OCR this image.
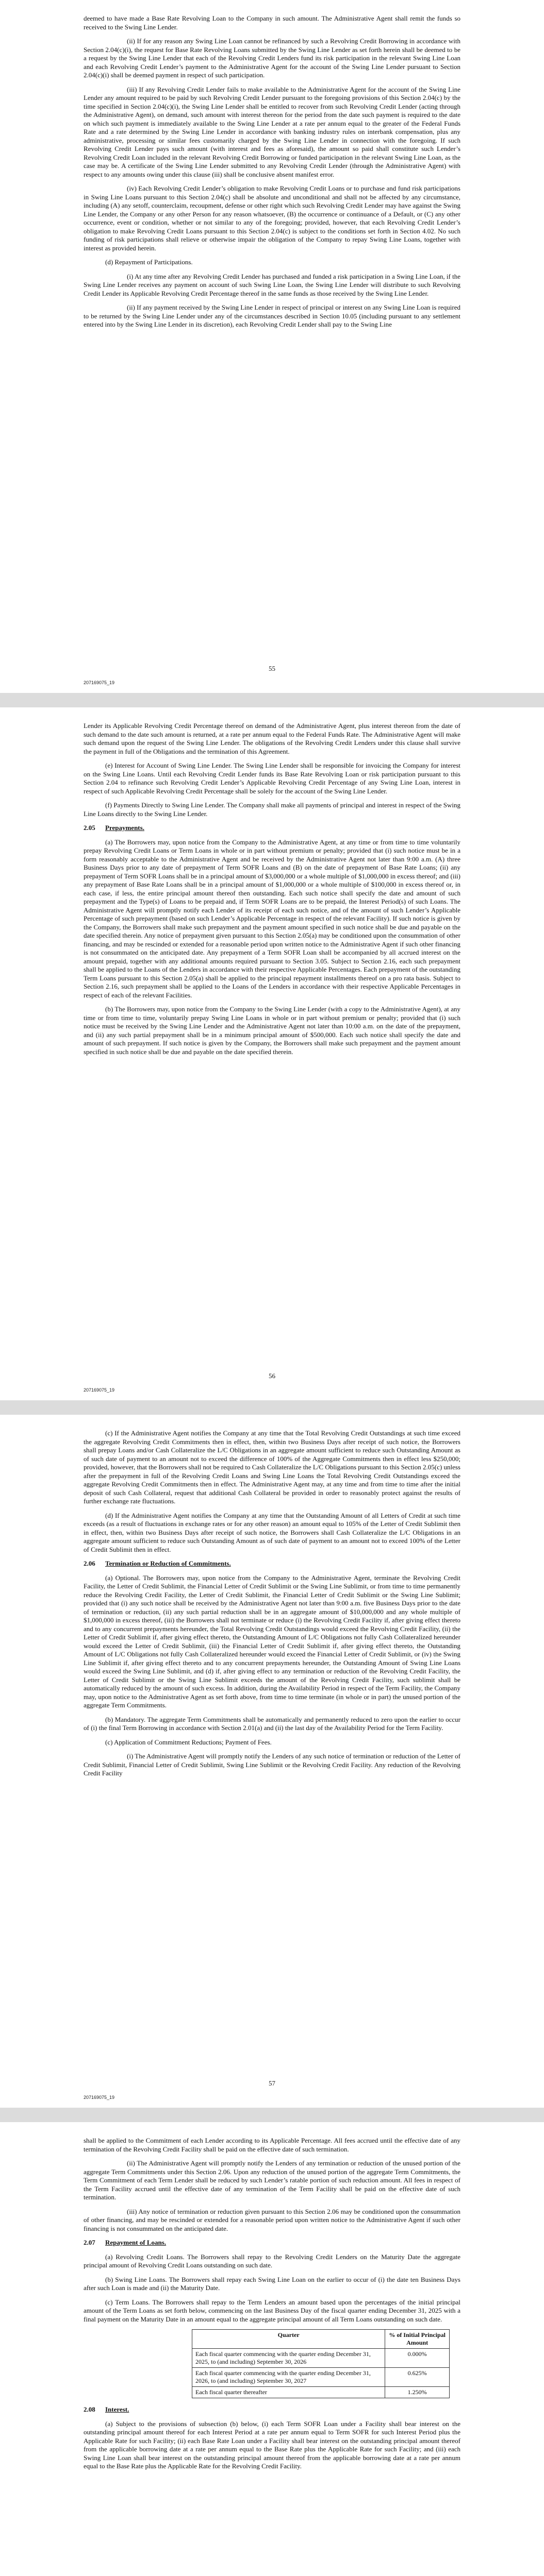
deemed to have made a Base Rate Revolving Loan to the Company in such amount. The Administrative Agent shall remit the funds so received to the Swing Line Lender.

(ii) If for any reason any Swing Line Loan cannot be refinanced by such a Revolving Credit Borrowing in accordance with Section 2.04(c)(i), the request for Base Rate Revolving Loans submitted by the Swing Line Lender as set forth herein shall be deemed to be a request by the Swing Line Lender that each of the Revolving Credit Lenders fund its risk participation in the relevant Swing Line Loan and each Revolving Credit Lender’s payment to the Administrative Agent for the account of the Swing Line Lender pursuant to Section 2.04(c)(i) shall be deemed payment in respect of such participation.

(iii) If any Revolving Credit Lender fails to make available to the Administrative Agent for the account of the Swing Line Lender any amount required to be paid by such Revolving Credit Lender pursuant to the foregoing provisions of this Section 2.04(c) by the time specified in Section 2.04(c)(i), the Swing Line Lender shall be entitled to recover from such Revolving Credit Lender (acting through the Administrative Agent), on demand, such amount with interest thereon for the period from the date such payment is required to the date on which such payment is immediately available to the Swing Line Lender at a rate per annum equal to the greater of the Federal Funds Rate and a rate determined by the Swing Line Lender in accordance with banking industry rules on interbank compensation, plus any administrative, processing or similar fees customarily charged by the Swing Line Lender in connection with the foregoing. If such Revolving Credit Lender pays such amount (with interest and fees as aforesaid), the amount so paid shall constitute such Lender’s Revolving Credit Loan included in the relevant Revolving Credit Borrowing or funded participation in the relevant Swing Line Loan, as the case may be. A certificate of the Swing Line Lender submitted to any Revolving Credit Lender (through the Administrative Agent) with respect to any amounts owing under this clause (iii) shall be conclusive absent manifest error.

(iv) Each Revolving Credit Lender’s obligation to make Revolving Credit Loans or to purchase and fund risk participations in Swing Line Loans pursuant to this Section 2.04(c) shall be absolute and unconditional and shall not be affected by any circumstance, including (A) any setoff, counterclaim, recoupment, defense or other right which such Revolving Credit Lender may have against the Swing Line Lender, the Company or any other Person for any reason whatsoever, (B) the occurrence or continuance of a Default, or (C) any other occurrence, event or condition, whether or not similar to any of the foregoing; provided, however, that each Revolving Credit Lender’s obligation to make Revolving Credit Loans pursuant to this Section 2.04(c) is subject to the conditions set forth in Section 4.02. No such funding of risk participations shall relieve or otherwise impair the obligation of the Company to repay Swing Line Loans, together with interest as provided herein.

(d) Repayment of Participations.

(i) At any time after any Revolving Credit Lender has purchased and funded a risk participation in a Swing Line Loan, if the Swing Line Lender receives any payment on account of such Swing Line Loan, the Swing Line Lender will distribute to such Revolving Credit Lender its Applicable Revolving Credit Percentage thereof in the same funds as those received by the Swing Line Lender.

(ii) If any payment received by the Swing Line Lender in respect of principal or interest on any Swing Line Loan is required to be returned by the Swing Line Lender under any of the circumstances described in Section 10.05 (including pursuant to any settlement entered into by the Swing Line Lender in its discretion), each Revolving Credit Lender shall pay to the Swing Line

55
207169075_19

Lender its Applicable Revolving Credit Percentage thereof on demand of the Administrative Agent, plus interest thereon from the date of such demand to the date such amount is returned, at a rate per annum equal to the Federal Funds Rate. The Administrative Agent will make such demand upon the request of the Swing Line Lender. The obligations of the Revolving Credit Lenders under this clause shall survive the payment in full of the Obligations and the termination of this Agreement.

(e) Interest for Account of Swing Line Lender. The Swing Line Lender shall be responsible for invoicing the Company for interest on the Swing Line Loans. Until each Revolving Credit Lender funds its Base Rate Revolving Loan or risk participation pursuant to this Section 2.04 to refinance such Revolving Credit Lender’s Applicable Revolving Credit Percentage of any Swing Line Loan, interest in respect of such Applicable Revolving Credit Percentage shall be solely for the account of the Swing Line Lender.

(f) Payments Directly to Swing Line Lender. The Company shall make all payments of principal and interest in respect of the Swing Line Loans directly to the Swing Line Lender.

2.05 Prepayments.

(a) The Borrowers may, upon notice from the Company to the Administrative Agent, at any time or from time to time voluntarily prepay Revolving Credit Loans or Term Loans in whole or in part without premium or penalty; provided that (i) such notice must be in a form reasonably acceptable to the Administrative Agent and be received by the Administrative Agent not later than 9:00 a.m. (A) three Business Days prior to any date of prepayment of Term SOFR Loans and (B) on the date of prepayment of Base Rate Loans; (ii) any prepayment of Term SOFR Loans shall be in a principal amount of $3,000,000 or a whole multiple of $1,000,000 in excess thereof; and (iii) any prepayment of Base Rate Loans shall be in a principal amount of $1,000,000 or a whole multiple of $100,000 in excess thereof or, in each case, if less, the entire principal amount thereof then outstanding. Each such notice shall specify the date and amount of such prepayment and the Type(s) of Loans to be prepaid and, if Term SOFR Loans are to be prepaid, the Interest Period(s) of such Loans. The Administrative Agent will promptly notify each Lender of its receipt of each such notice, and of the amount of such Lender’s Applicable Percentage of such prepayment (based on such Lender’s Applicable Percentage in respect of the relevant Facility). If such notice is given by the Company, the Borrowers shall make such prepayment and the payment amount specified in such notice shall be due and payable on the date specified therein. Any notice of prepayment given pursuant to this Section 2.05(a) may be conditioned upon the consummation of other financing, and may be rescinded or extended for a reasonable period upon written notice to the Administrative Agent if such other financing is not consummated on the anticipated date. Any prepayment of a Term SOFR Loan shall be accompanied by all accrued interest on the amount prepaid, together with any additional amounts required pursuant to Section 3.05. Subject to Section 2.16, each such prepayment shall be applied to the Loans of the Lenders in accordance with their respective Applicable Percentages. Each prepayment of the outstanding Term Loans pursuant to this Section 2.05(a) shall be applied to the principal repayment installments thereof on a pro rata basis. Subject to Section 2.16, such prepayment shall be applied to the Loans of the Lenders in accordance with their respective Applicable Percentages in respect of each of the relevant Facilities.

(b) The Borrowers may, upon notice from the Company to the Swing Line Lender (with a copy to the Administrative Agent), at any time or from time to time, voluntarily prepay Swing Line Loans in whole or in part without premium or penalty; provided that (i) such notice must be received by the Swing Line Lender and the Administrative Agent not later than 10:00 a.m. on the date of the prepayment, and (ii) any such partial prepayment shall be in a minimum principal amount of $500,000. Each such notice shall specify the date and amount of such prepayment. If such notice is given by the Company, the Borrowers shall make such prepayment and the payment amount specified in such notice shall be due and payable on the date specified therein.

56
207169075_19

(c) If the Administrative Agent notifies the Company at any time that the Total Revolving Credit Outstandings at such time exceed the aggregate Revolving Credit Commitments then in effect, then, within two Business Days after receipt of such notice, the Borrowers shall prepay Loans and/or Cash Collateralize the L/C Obligations in an aggregate amount sufficient to reduce such Outstanding Amount as of such date of payment to an amount not to exceed the difference of 100% of the Aggregate Commitments then in effect less $250,000; provided, however, that the Borrowers shall not be required to Cash Collateralize the L/C Obligations pursuant to this Section 2.05(c) unless after the prepayment in full of the Revolving Credit Loans and Swing Line Loans the Total Revolving Credit Outstandings exceed the aggregate Revolving Credit Commitments then in effect. The Administrative Agent may, at any time and from time to time after the initial deposit of such Cash Collateral, request that additional Cash Collateral be provided in order to reasonably protect against the results of further exchange rate fluctuations.

(d) If the Administrative Agent notifies the Company at any time that the Outstanding Amount of all Letters of Credit at such time exceeds (as a result of fluctuations in exchange rates or for any other reason) an amount equal to 105% of the Letter of Credit Sublimit then in effect, then, within two Business Days after receipt of such notice, the Borrowers shall Cash Collateralize the L/C Obligations in an aggregate amount sufficient to reduce such Outstanding Amount as of such date of payment to an amount not to exceed 100% of the Letter of Credit Sublimit then in effect.

2.06 Termination or Reduction of Commitments.

(a) Optional. The Borrowers may, upon notice from the Company to the Administrative Agent, terminate the Revolving Credit Facility, the Letter of Credit Sublimit, the Financial Letter of Credit Sublimit or the Swing Line Sublimit, or from time to time permanently reduce the Revolving Credit Facility, the Letter of Credit Sublimit, the Financial Letter of Credit Sublimit or the Swing Line Sublimit; provided that (i) any such notice shall be received by the Administrative Agent not later than 9:00 a.m. five Business Days prior to the date of termination or reduction, (ii) any such partial reduction shall be in an aggregate amount of $10,000,000 and any whole multiple of $1,000,000 in excess thereof, (iii) the Borrowers shall not terminate or reduce (i) the Revolving Credit Facility if, after giving effect thereto and to any concurrent prepayments hereunder, the Total Revolving Credit Outstandings would exceed the Revolving Credit Facility, (ii) the Letter of Credit Sublimit if, after giving effect thereto, the Outstanding Amount of L/C Obligations not fully Cash Collateralized hereunder would exceed the Letter of Credit Sublimit, (iii) the Financial Letter of Credit Sublimit if, after giving effect thereto, the Outstanding Amount of L/C Obligations not fully Cash Collateralized hereunder would exceed the Financial Letter of Credit Sublimit, or (iv) the Swing Line Sublimit if, after giving effect thereto and to any concurrent prepayments hereunder, the Outstanding Amount of Swing Line Loans would exceed the Swing Line Sublimit, and (d) if, after giving effect to any termination or reduction of the Revolving Credit Facility, the Letter of Credit Sublimit or the Swing Line Sublimit exceeds the amount of the Revolving Credit Facility, such sublimit shall be automatically reduced by the amount of such excess. In addition, during the Availability Period in respect of the Term Facility, the Company may, upon notice to the Administrative Agent as set forth above, from time to time terminate (in whole or in part) the unused portion of the aggregate Term Commitments.

(b) Mandatory. The aggregate Term Commitments shall be automatically and permanently reduced to zero upon the earlier to occur of (i) the final Term Borrowing in accordance with Section 2.01(a) and (ii) the last day of the Availability Period for the Term Facility.

(c) Application of Commitment Reductions; Payment of Fees.

(i) The Administrative Agent will promptly notify the Lenders of any such notice of termination or reduction of the Letter of Credit Sublimit, Financial Letter of Credit Sublimit, Swing Line Sublimit or the Revolving Credit Facility. Any reduction of the Revolving Credit Facility

57
207169075_19

shall be applied to the Commitment of each Lender according to its Applicable Percentage. All fees accrued until the effective date of any termination of the Revolving Credit Facility shall be paid on the effective date of such termination.

(ii) The Administrative Agent will promptly notify the Lenders of any termination or reduction of the unused portion of the aggregate Term Commitments under this Section 2.06. Upon any reduction of the unused portion of the aggregate Term Commitments, the Term Commitment of each Term Lender shall be reduced by such Lender’s ratable portion of such reduction amount. All fees in respect of the Term Facility accrued until the effective date of any termination of the Term Facility shall be paid on the effective date of such termination.

(iii) Any notice of termination or reduction given pursuant to this Section 2.06 may be conditioned upon the consummation of other financing, and may be rescinded or extended for a reasonable period upon written notice to the Administrative Agent if such other financing is not consummated on the anticipated date.

2.07 Repayment of Loans.

(a) Revolving Credit Loans. The Borrowers shall repay to the Revolving Credit Lenders on the Maturity Date the aggregate principal amount of Revolving Credit Loans outstanding on such date.

(b) Swing Line Loans. The Borrowers shall repay each Swing Line Loan on the earlier to occur of (i) the date ten Business Days after such Loan is made and (ii) the Maturity Date.

(c) Term Loans. The Borrowers shall repay to the Term Lenders an amount based upon the percentages of the initial principal amount of the Term Loans as set forth below, commencing on the last Business Day of the fiscal quarter ending December 31, 2025 with a final payment on the Maturity Date in an amount equal to the aggregate principal amount of all Term Loans outstanding on such date.

Quarter	% of Initial Principal Amount
Each fiscal quarter commencing with the quarter ending December 31, 2025, to (and including) September 30, 2026	0.000%
Each fiscal quarter commencing with the quarter ending December 31, 2026, to (and including) September 30, 2027	0.625%
Each fiscal quarter thereafter	1.250%

2.08 Interest.

(a) Subject to the provisions of subsection (b) below, (i) each Term SOFR Loan under a Facility shall bear interest on the outstanding principal amount thereof for each Interest Period at a rate per annum equal to Term SOFR for such Interest Period plus the Applicable Rate for such Facility; (ii) each Base Rate Loan under a Facility shall bear interest on the outstanding principal amount thereof from the applicable borrowing date at a rate per annum equal to the Base Rate plus the Applicable Rate for such Facility; and (iii) each Swing Line Loan shall bear interest on the outstanding principal amount thereof from the applicable borrowing date at a rate per annum equal to the Base Rate plus the Applicable Rate for the Revolving Credit Facility.
